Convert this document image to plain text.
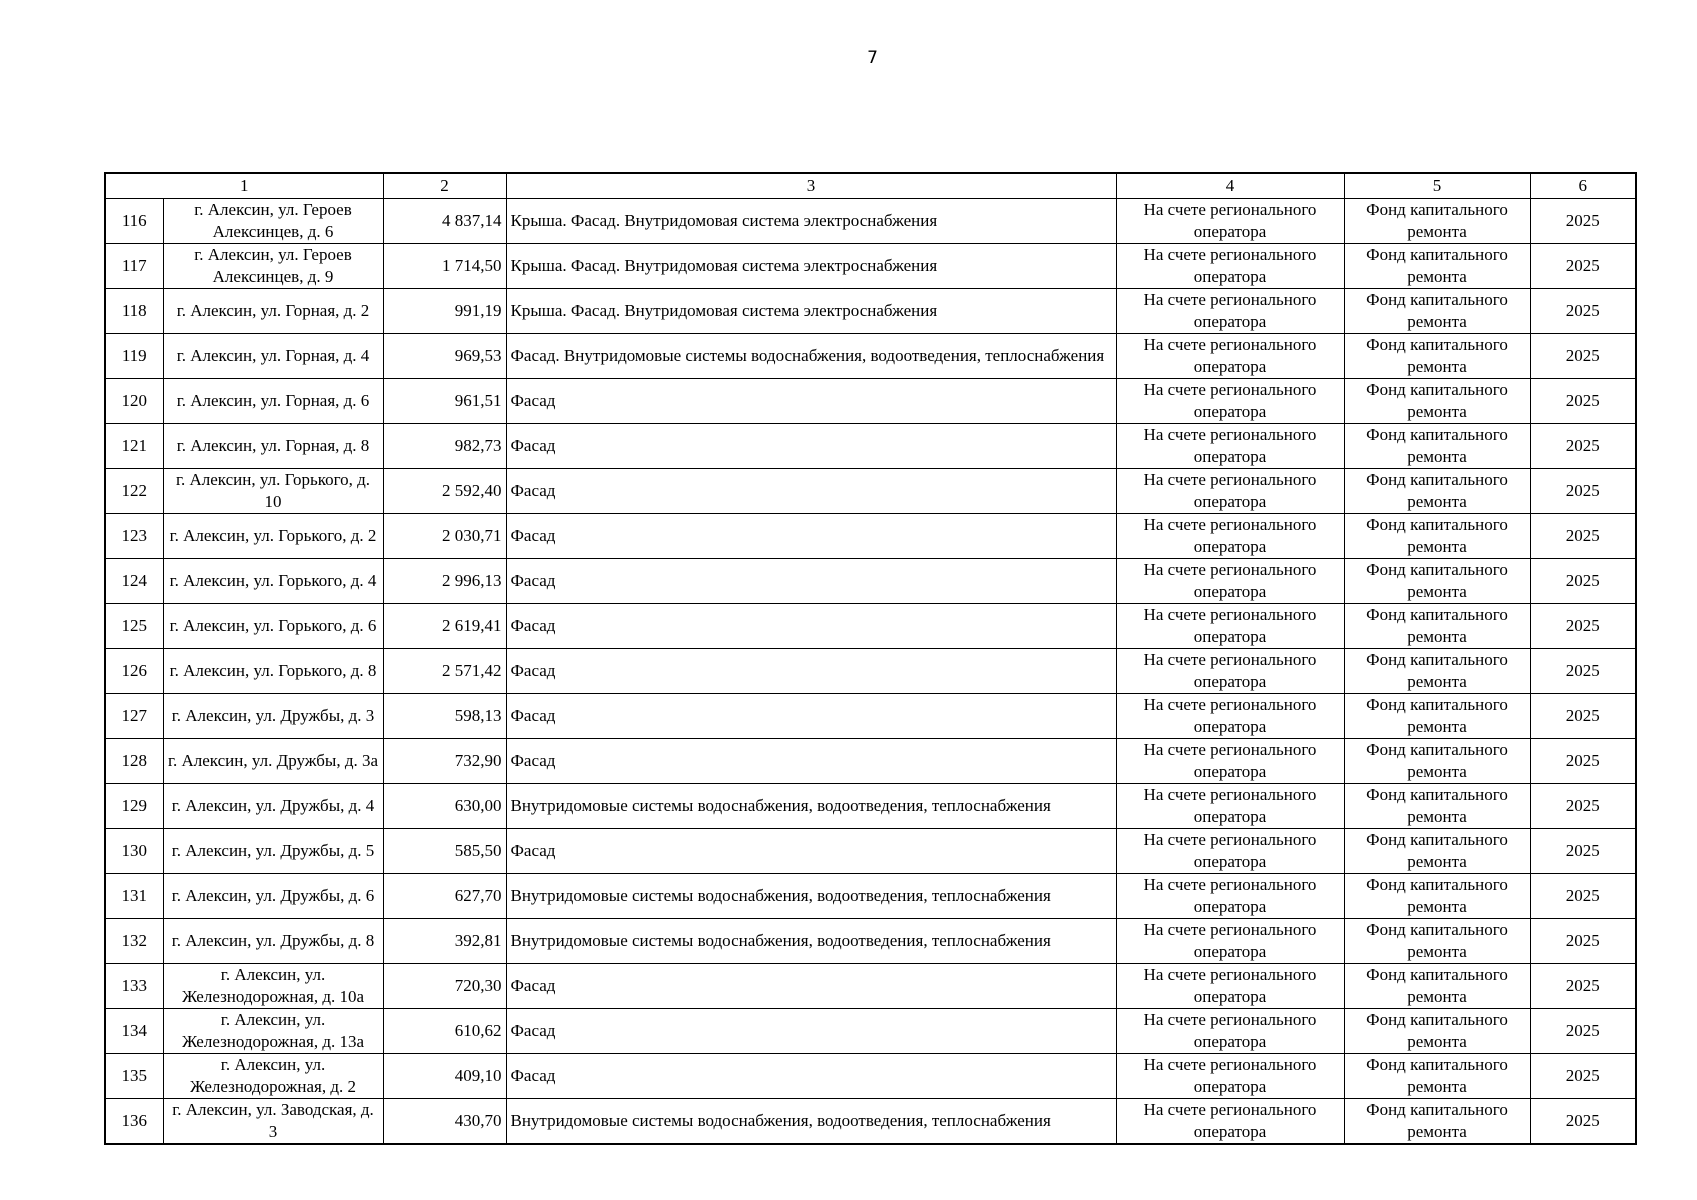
7
1		2	3	4	5	6
116	г. Алексин, ул. Героев Алексинцев, д. 6	4 837,14	Крыша. Фасад. Внутридомовая система электроснабжения	На счете регионального оператора	Фонд капитального ремонта	2025
117	г. Алексин, ул. Героев Алексинцев, д. 9	1 714,50	Крыша. Фасад. Внутридомовая система электроснабжения	На счете регионального оператора	Фонд капитального ремонта	2025
118	г. Алексин, ул. Горная, д. 2	991,19	Крыша. Фасад. Внутридомовая система электроснабжения	На счете регионального оператора	Фонд капитального ремонта	2025
119	г. Алексин, ул. Горная, д. 4	969,53	Фасад. Внутридомовые системы водоснабжения, водоотведения, теплоснабжения	На счете регионального оператора	Фонд капитального ремонта	2025
120	г. Алексин, ул. Горная, д. 6	961,51	Фасад	На счете регионального оператора	Фонд капитального ремонта	2025
121	г. Алексин, ул. Горная, д. 8	982,73	Фасад	На счете регионального оператора	Фонд капитального ремонта	2025
122	г. Алексин, ул. Горького, д. 10	2 592,40	Фасад	На счете регионального оператора	Фонд капитального ремонта	2025
123	г. Алексин, ул. Горького, д. 2	2 030,71	Фасад	На счете регионального оператора	Фонд капитального ремонта	2025
124	г. Алексин, ул. Горького, д. 4	2 996,13	Фасад	На счете регионального оператора	Фонд капитального ремонта	2025
125	г. Алексин, ул. Горького, д. 6	2 619,41	Фасад	На счете регионального оператора	Фонд капитального ремонта	2025
126	г. Алексин, ул. Горького, д. 8	2 571,42	Фасад	На счете регионального оператора	Фонд капитального ремонта	2025
127	г. Алексин, ул. Дружбы, д. 3	598,13	Фасад	На счете регионального оператора	Фонд капитального ремонта	2025
128	г. Алексин, ул. Дружбы, д. 3а	732,90	Фасад	На счете регионального оператора	Фонд капитального ремонта	2025
129	г. Алексин, ул. Дружбы, д. 4	630,00	Внутридомовые системы водоснабжения, водоотведения, теплоснабжения	На счете регионального оператора	Фонд капитального ремонта	2025
130	г. Алексин, ул. Дружбы, д. 5	585,50	Фасад	На счете регионального оператора	Фонд капитального ремонта	2025
131	г. Алексин, ул. Дружбы, д. 6	627,70	Внутридомовые системы водоснабжения, водоотведения, теплоснабжения	На счете регионального оператора	Фонд капитального ремонта	2025
132	г. Алексин, ул. Дружбы, д. 8	392,81	Внутридомовые системы водоснабжения, водоотведения, теплоснабжения	На счете регионального оператора	Фонд капитального ремонта	2025
133	г. Алексин, ул. Железнодорожная, д. 10а	720,30	Фасад	На счете регионального оператора	Фонд капитального ремонта	2025
134	г. Алексин, ул. Железнодорожная, д. 13а	610,62	Фасад	На счете регионального оператора	Фонд капитального ремонта	2025
135	г. Алексин, ул. Железнодорожная, д. 2	409,10	Фасад	На счете регионального оператора	Фонд капитального ремонта	2025
136	г. Алексин, ул. Заводская, д. 3	430,70	Внутридомовые системы водоснабжения, водоотведения, теплоснабжения	На счете регионального оператора	Фонд капитального ремонта	2025
